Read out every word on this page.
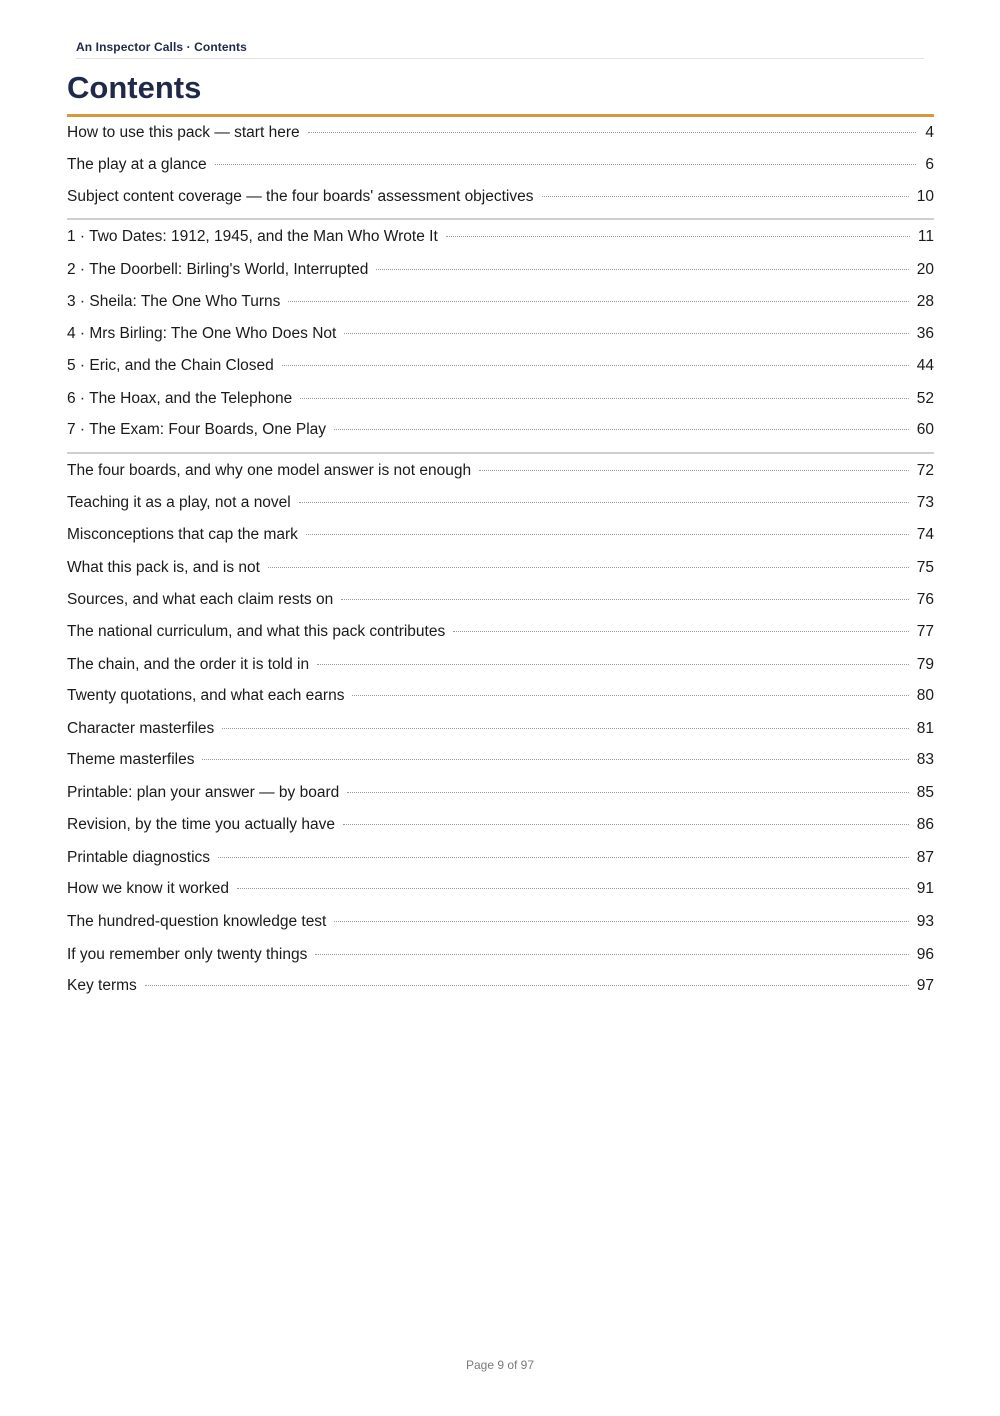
An Inspector Calls · Contents
Contents
How to use this pack — start here	4
The play at a glance	6
Subject content coverage — the four boards' assessment objectives	10
1 · Two Dates: 1912, 1945, and the Man Who Wrote It	11
2 · The Doorbell: Birling's World, Interrupted	20
3 · Sheila: The One Who Turns	28
4 · Mrs Birling: The One Who Does Not	36
5 · Eric, and the Chain Closed	44
6 · The Hoax, and the Telephone	52
7 · The Exam: Four Boards, One Play	60
The four boards, and why one model answer is not enough	72
Teaching it as a play, not a novel	73
Misconceptions that cap the mark	74
What this pack is, and is not	75
Sources, and what each claim rests on	76
The national curriculum, and what this pack contributes	77
The chain, and the order it is told in	79
Twenty quotations, and what each earns	80
Character masterfiles	81
Theme masterfiles	83
Printable: plan your answer — by board	85
Revision, by the time you actually have	86
Printable diagnostics	87
How we know it worked	91
The hundred-question knowledge test	93
If you remember only twenty things	96
Key terms	97
Page 9 of 97
